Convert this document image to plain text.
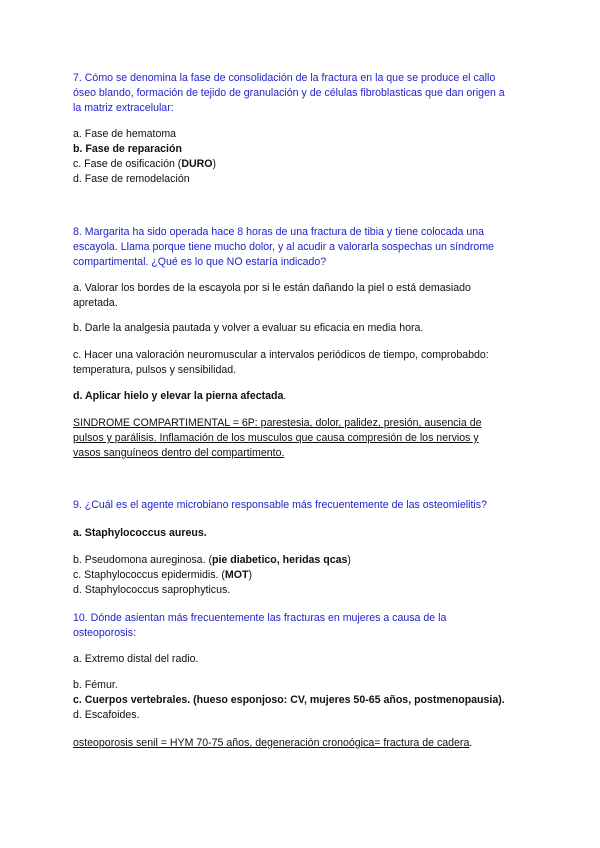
7. Cómo se denomina la fase de consolidación de la fractura en la que se produce el callo
óseo blando, formación de tejido de granulación y de células fibroblasticas que dan origen a
la matriz extracelular:
a. Fase de hematoma
b. Fase de reparación
c. Fase de osificación (DURO)
d. Fase de remodelación
8. Margarita ha sido operada hace 8 horas de una fractura de tibia y tiene colocada una
escayola. Llama porque tiene mucho dolor, y al acudir a valorarla sospechas un síndrome
compartimental. ¿Qué es lo que NO estaría indicado?
a. Valorar los bordes de la escayola por si le están dañando la piel o está demasiado
apretada.
b. Darle la analgesia pautada y volver a evaluar su eficacia en media hora.
c. Hacer una valoración neuromuscular a intervalos periódicos de tiempo, comprobabdo:
temperatura, pulsos y sensibilidad.
d. Aplicar hielo y elevar la pierna afectada.
SINDROME COMPARTIMENTAL = 6P: parestesia, dolor, palidez, presión, ausencia de
pulsos y parálisis. Inflamación de los musculos que causa compresión de los nervios y
vasos sanguíneos dentro del compartimento.
9. ¿Cuál es el agente microbiano responsable más frecuentemente de las osteomielitis?
a. Staphylococcus aureus.
b. Pseudomona aureginosa. (pie diabetico, heridas qcas)
c. Staphylococcus epidermidis. (MOT)
d. Staphylococcus saprophyticus.
10. Dónde asientan más frecuentemente las fracturas en mujeres a causa de la
osteoporosis:
a. Extremo distal del radio.
b. Fémur.
c. Cuerpos vertebrales. (hueso esponjoso: CV, mujeres 50-65 años, postmenopausia).
d. Escafoides.
osteoporosis senil = HYM 70-75 años, degeneración cronoógica= fractura de cadera.
